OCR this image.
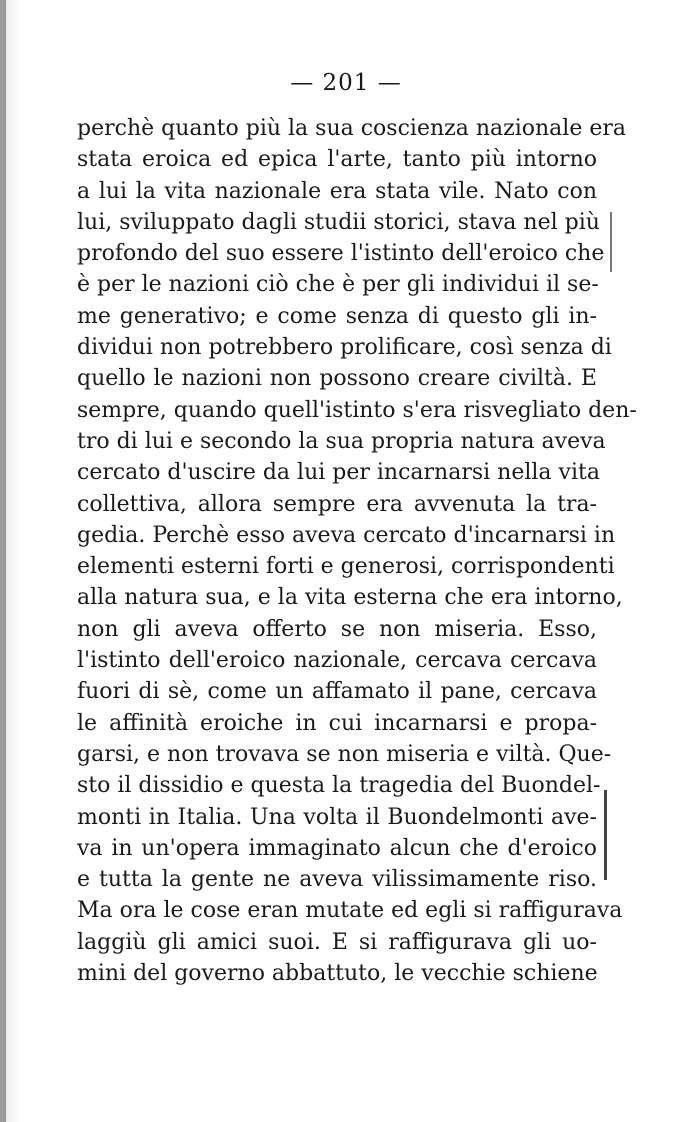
— 201 —
perchè quanto più la sua coscienza nazionale era
stata eroica ed epica l'arte, tanto più intorno
a lui la vita nazionale era stata vile. Nato con
lui, sviluppato dagli studii storici, stava nel più
profondo del suo essere l'istinto dell'eroico che
è per le nazioni ciò che è per gli individui il se-
me generativo; e come senza di questo gli in-
dividui non potrebbero prolificare, così senza di
quello le nazioni non possono creare civiltà. E
sempre, quando quell'istinto s'era risvegliato den-
tro di lui e secondo la sua propria natura aveva
cercato d'uscire da lui per incarnarsi nella vita
collettiva, allora sempre era avvenuta la tra-
gedia. Perchè esso aveva cercato d'incarnarsi in
elementi esterni forti e generosi, corrispondenti
alla natura sua, e la vita esterna che era intorno,
non gli aveva offerto se non miseria. Esso,
l'istinto dell'eroico nazionale, cercava cercava
fuori di sè, come un affamato il pane, cercava
le affinità eroiche in cui incarnarsi e propa-
garsi, e non trovava se non miseria e viltà. Que-
sto il dissidio e questa la tragedia del Buondel-
monti in Italia. Una volta il Buondelmonti ave-
va in un'opera immaginato alcun che d'eroico
e tutta la gente ne aveva vilissimamente riso.
Ma ora le cose eran mutate ed egli si raffigurava
laggiù gli amici suoi. E si raffigurava gli uo-
mini del governo abbattuto, le vecchie schiene
